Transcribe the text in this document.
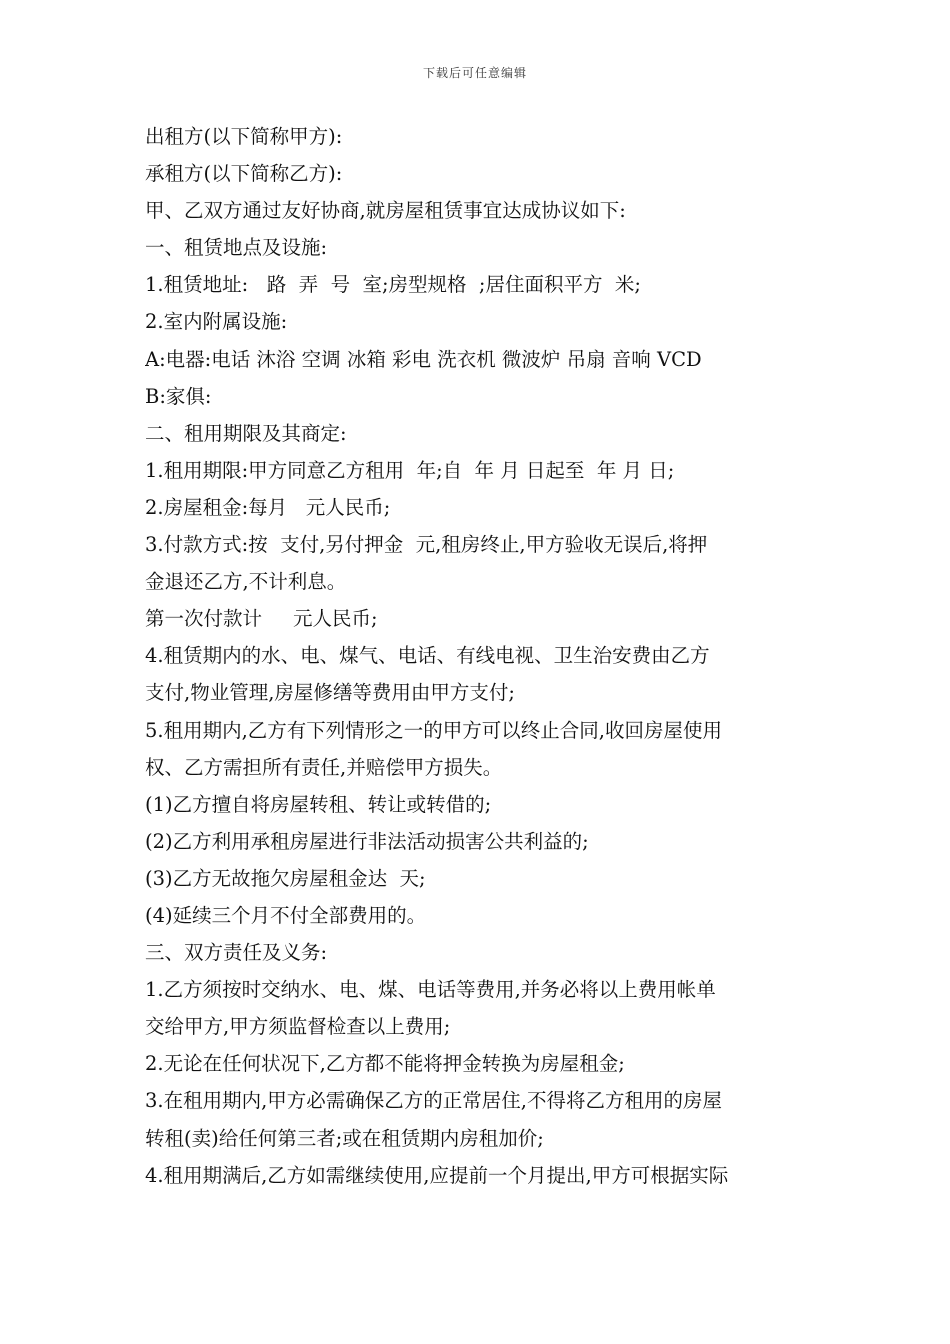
下载后可任意编辑
出租方(以下简称甲方):
承租方(以下简称乙方):
甲、乙双方通过友好协商,就房屋租赁事宜达成协议如下:
一、租赁地点及设施:
1.租赁地址:   路  弄  号  室;房型规格  ;居住面积平方  米;
2.室内附属设施:
A:电器:电话 沐浴 空调 冰箱 彩电 洗衣机 微波炉 吊扇 音响 VCD
B:家俱:
二、租用期限及其商定:
1.租用期限:甲方同意乙方租用  年;自  年 月 日起至  年 月 日;
2.房屋租金:每月   元人民币;
3.付款方式:按  支付,另付押金  元,租房终止,甲方验收无误后,将押
金退还乙方,不计利息。
第一次付款计     元人民币;
4.租赁期内的水、电、煤气、电话、有线电视、卫生治安费由乙方
支付,物业管理,房屋修缮等费用由甲方支付;
5.租用期内,乙方有下列情形之一的甲方可以终止合同,收回房屋使用
权、乙方需担所有责任,并赔偿甲方损失。
(1)乙方擅自将房屋转租、转让或转借的;
(2)乙方利用承租房屋进行非法活动损害公共利益的;
(3)乙方无故拖欠房屋租金达  天;
(4)延续三个月不付全部费用的。
三、双方责任及义务:
1.乙方须按时交纳水、电、煤、电话等费用,并务必将以上费用帐单
交给甲方,甲方须监督检查以上费用;
2.无论在任何状况下,乙方都不能将押金转换为房屋租金;
3.在租用期内,甲方必需确保乙方的正常居住,不得将乙方租用的房屋
转租(卖)给任何第三者;或在租赁期内房租加价;
4.租用期满后,乙方如需继续使用,应提前一个月提出,甲方可根据实际
